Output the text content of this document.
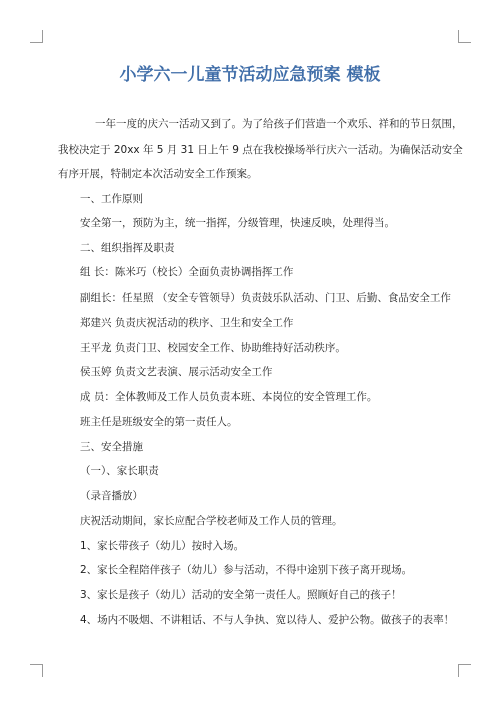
小学六一儿童节活动应急预案 模板
一年一度的庆六一活动又到了。为了给孩子们营造一个欢乐、祥和的节日氛围，
我校决定于 20xx 年 5 月 31 日上午 9 点在我校操场举行庆六一活动。为确保活动安全
有序开展，特制定本次活动安全工作预案。
一、工作原则
安全第一，预防为主，统一指挥，分级管理，快速反映，处理得当。
二、组织指挥及职责
组 长：陈米巧（校长）全面负责协调指挥工作
副组长：任星照 （安全专管领导）负责鼓乐队活动、门卫、后勤、食品安全工作
郑建兴 负责庆祝活动的秩序、卫生和安全工作
王平龙 负责门卫、校园安全工作、协助维持好活动秩序。
侯玉婷 负责文艺表演、展示活动安全工作
成 员：全体教师及工作人员负责本班、本岗位的安全管理工作。
班主任是班级安全的第一责任人。
三、安全措施
（一）、家长职责
（录音播放）
庆祝活动期间，家长应配合学校老师及工作人员的管理。
1、家长带孩子（幼儿）按时入场。
2、家长全程陪伴孩子（幼儿）参与活动，不得中途别下孩子离开现场。
3、家长是孩子（幼儿）活动的安全第一责任人。照顾好自己的孩子！
4、场内不吸烟、不讲粗话、不与人争执、宽以待人、爱护公物。做孩子的表率！
